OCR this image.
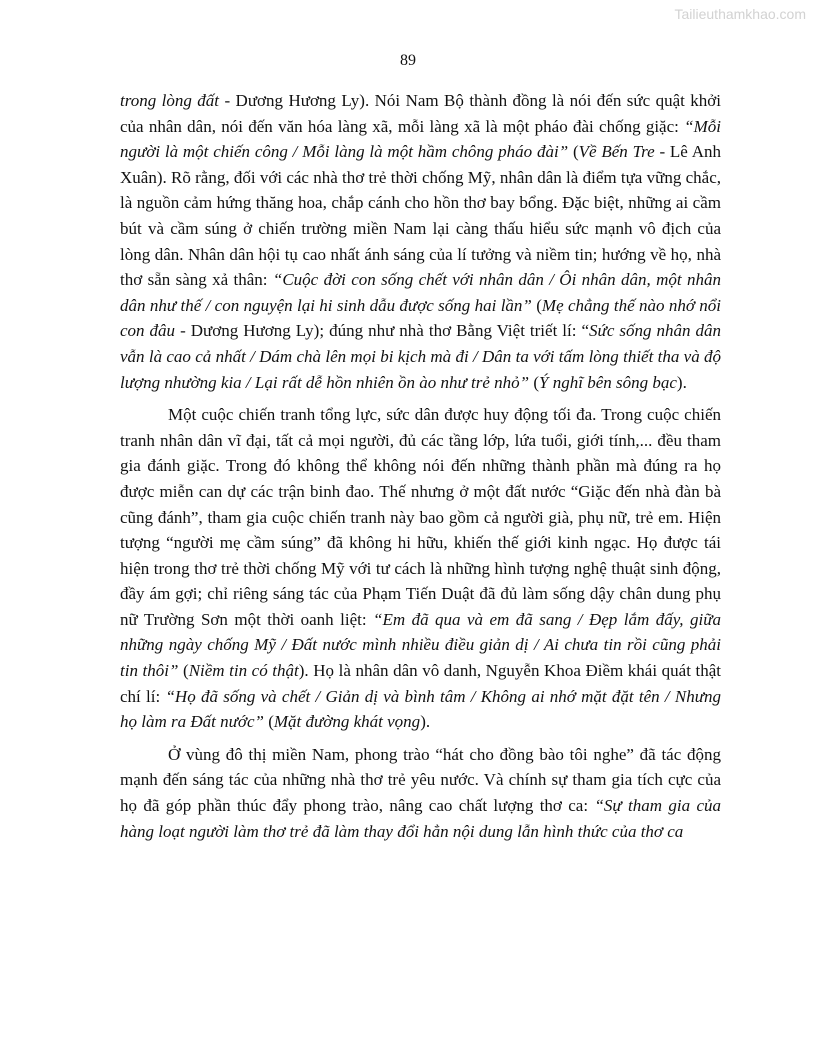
Tailieuthamkhao.com
89

trong lòng đất - Dương Hương Ly). Nói Nam Bộ thành đồng là nói đến sức quật khởi của nhân dân, nói đến văn hóa làng xã, mỗi làng xã là một pháo đài chống giặc: “Mỗi người là một chiến công / Mỗi làng là một hầm chông pháo đài” (Về Bến Tre - Lê Anh Xuân). Rõ rằng, đối với các nhà thơ trẻ thời chống Mỹ, nhân dân là điểm tựa vững chắc, là nguồn cảm hứng thăng hoa, chắp cánh cho hồn thơ bay bổng. Đặc biệt, những ai cầm bút và cầm súng ở chiến trường miền Nam lại càng thấu hiểu sức mạnh vô địch của lòng dân. Nhân dân hội tụ cao nhất ánh sáng của lí tưởng và niềm tin; hướng về họ, nhà thơ sẵn sàng xả thân: “Cuộc đời con sống chết với nhân dân / Ôi nhân dân, một nhân dân như thế / con nguyện lại hi sinh dẫu được sống hai lần” (Mẹ chẳng thế nào nhớ nổi con đâu - Dương Hương Ly); đúng như nhà thơ Bằng Việt triết lí: “Sức sống nhân dân vẫn là cao cả nhất / Dám chà lên mọi bi kịch mà đi / Dân ta với tấm lòng thiết tha và độ lượng nhường kia / Lại rất dễ hồn nhiên ồn ào như trẻ nhỏ” (Ý nghĩ bên sông bạc).

Một cuộc chiến tranh tổng lực, sức dân được huy động tối đa. Trong cuộc chiến tranh nhân dân vĩ đại, tất cả mọi người, đủ các tầng lớp, lứa tuổi, giới tính,... đều tham gia đánh giặc. Trong đó không thể không nói đến những thành phần mà đúng ra họ được miễn can dự các trận binh đao. Thế nhưng ở một đất nước “Giặc đến nhà đàn bà cũng đánh”, tham gia cuộc chiến tranh này bao gồm cả người già, phụ nữ, trẻ em. Hiện tượng “người mẹ cầm súng” đã không hi hữu, khiến thế giới kinh ngạc. Họ được tái hiện trong thơ trẻ thời chống Mỹ với tư cách là những hình tượng nghệ thuật sinh động, đầy ám gợi; chỉ riêng sáng tác của Phạm Tiến Duật đã đủ làm sống dậy chân dung phụ nữ Trường Sơn một thời oanh liệt: “Em đã qua và em đã sang / Đẹp lắm đấy, giữa những ngày chống Mỹ / Đất nước mình nhiều điều giản dị / Ai chưa tin rồi cũng phải tin thôi” (Niềm tin có thật). Họ là nhân dân vô danh, Nguyễn Khoa Điềm khái quát thật chí lí: “Họ đã sống và chết / Giản dị và bình tâm / Không ai nhớ mặt đặt tên / Nhưng họ làm ra Đất nước” (Mặt đường khát vọng).

Ở vùng đô thị miền Nam, phong trào “hát cho đồng bào tôi nghe” đã tác động mạnh đến sáng tác của những nhà thơ trẻ yêu nước. Và chính sự tham gia tích cực của họ đã góp phần thúc đẩy phong trào, nâng cao chất lượng thơ ca: “Sự tham gia của hàng loạt người làm thơ trẻ đã làm thay đổi hẳn nội dung lẫn hình thức của thơ ca
